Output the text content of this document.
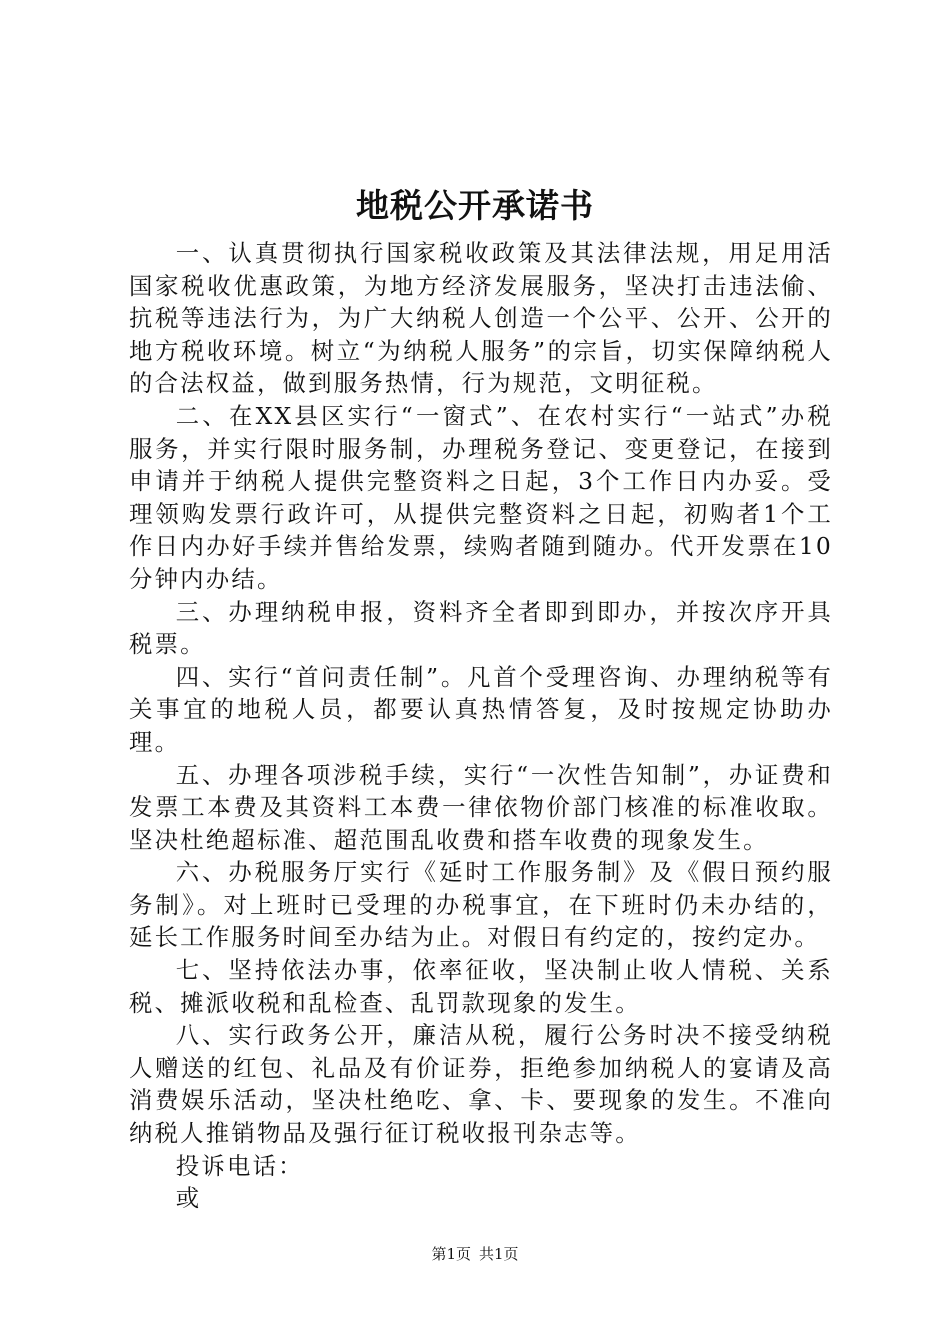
地税公开承诺书

一、认真贯彻执行国家税收政策及其法律法规，用足用活国家税收优惠政策，为地方经济发展服务，坚决打击违法偷、抗税等违法行为，为广大纳税人创造一个公平、公开、公开的地方税收环境。树立“为纳税人服务”的宗旨，切实保障纳税人的合法权益，做到服务热情，行为规范，文明征税。

二、在XX县区实行“一窗式”、在农村实行“一站式”办税服务，并实行限时服务制，办理税务登记、变更登记，在接到申请并于纳税人提供完整资料之日起，3个工作日内办妥。受理领购发票行政许可，从提供完整资料之日起，初购者1个工作日内办好手续并售给发票，续购者随到随办。代开发票在10分钟内办结。

三、办理纳税申报，资料齐全者即到即办，并按次序开具税票。

四、实行“首问责任制”。凡首个受理咨询、办理纳税等有关事宜的地税人员，都要认真热情答复，及时按规定协助办理。

五、办理各项涉税手续，实行“一次性告知制”，办证费和发票工本费及其资料工本费一律依物价部门核准的标准收取。坚决杜绝超标准、超范围乱收费和搭车收费的现象发生。

六、办税服务厅实行《延时工作服务制》及《假日预约服务制》。对上班时已受理的办税事宜，在下班时仍未办结的，延长工作服务时间至办结为止。对假日有约定的，按约定办。

七、坚持依法办事，依率征收，坚决制止收人情税、关系税、摊派收税和乱检查、乱罚款现象的发生。

八、实行政务公开，廉洁从税，履行公务时决不接受纳税人赠送的红包、礼品及有价证券，拒绝参加纳税人的宴请及高消费娱乐活动，坚决杜绝吃、拿、卡、要现象的发生。不准向纳税人推销物品及强行征订税收报刊杂志等。

投诉电话：

或

第1页 共1页
